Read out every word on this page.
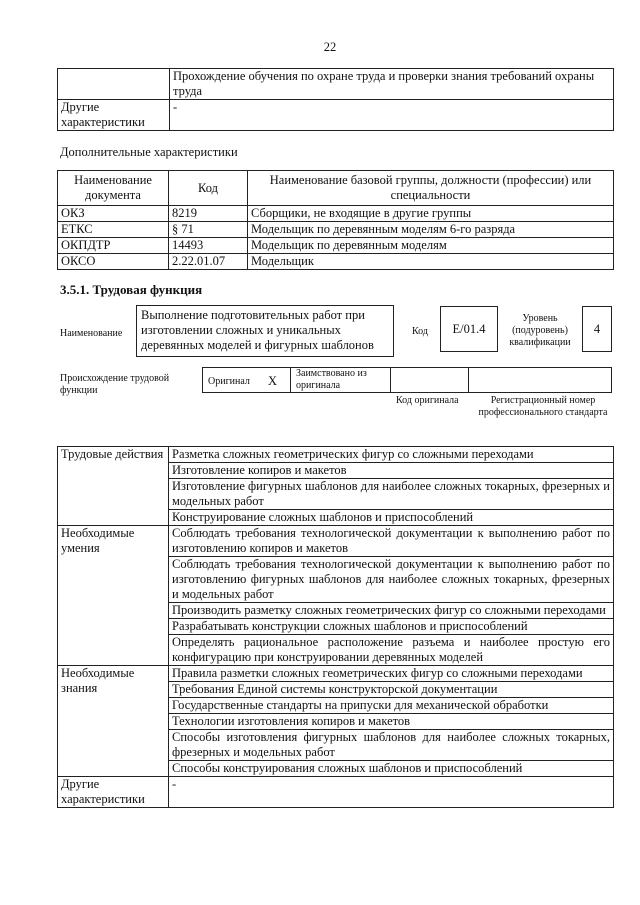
22
	Прохождение обучения по охране труда и проверки знания требований охраны труда
Другие характеристики	-
Дополнительные характеристики
Наименование документа	Код	Наименование базовой группы, должности (профессии) или специальности
ОКЗ	8219	Сборщики, не входящие в другие группы
ЕТКС	§ 71	Модельщик по деревянным моделям 6-го разряда
ОКПДТР	14493	Модельщик по деревянным моделям
ОКСО	2.22.01.07	Модельщик
3.5.1. Трудовая функция
Наименование
Выполнение подготовительных работ при изготовлении сложных и уникальных деревянных моделей и фигурных шаблонов
Код	E/01.4
Уровень (подуровень) квалификации
4
Происхождение трудовой функции
Оригинал X
Заимствовано из оригинала
Код оригинала	Регистрационный номер профессионального стандарта
Трудовые действия	Разметка сложных геометрических фигур со сложными переходами
	Изготовление копиров и макетов
	Изготовление фигурных шаблонов для наиболее сложных токарных, фрезерных и модельных работ
	Конструирование сложных шаблонов и приспособлений
Необходимые умения	Соблюдать требования технологической документации к выполнению работ по изготовлению копиров и макетов
	Соблюдать требования технологической документации к выполнению работ по изготовлению фигурных шаблонов для наиболее сложных токарных, фрезерных и модельных работ
	Производить разметку сложных геометрических фигур со сложными переходами
	Разрабатывать конструкции сложных шаблонов и приспособлений
	Определять рациональное расположение разъема и наиболее простую его конфигурацию при конструировании деревянных моделей
Необходимые знания	Правила разметки сложных геометрических фигур со сложными переходами
	Требования Единой системы конструкторской документации
	Государственные стандарты на припуски для механической обработки
	Технологии изготовления копиров и макетов
	Способы изготовления фигурных шаблонов для наиболее сложных токарных, фрезерных и модельных работ
	Способы конструирования сложных шаблонов и приспособлений
Другие характеристики	-
